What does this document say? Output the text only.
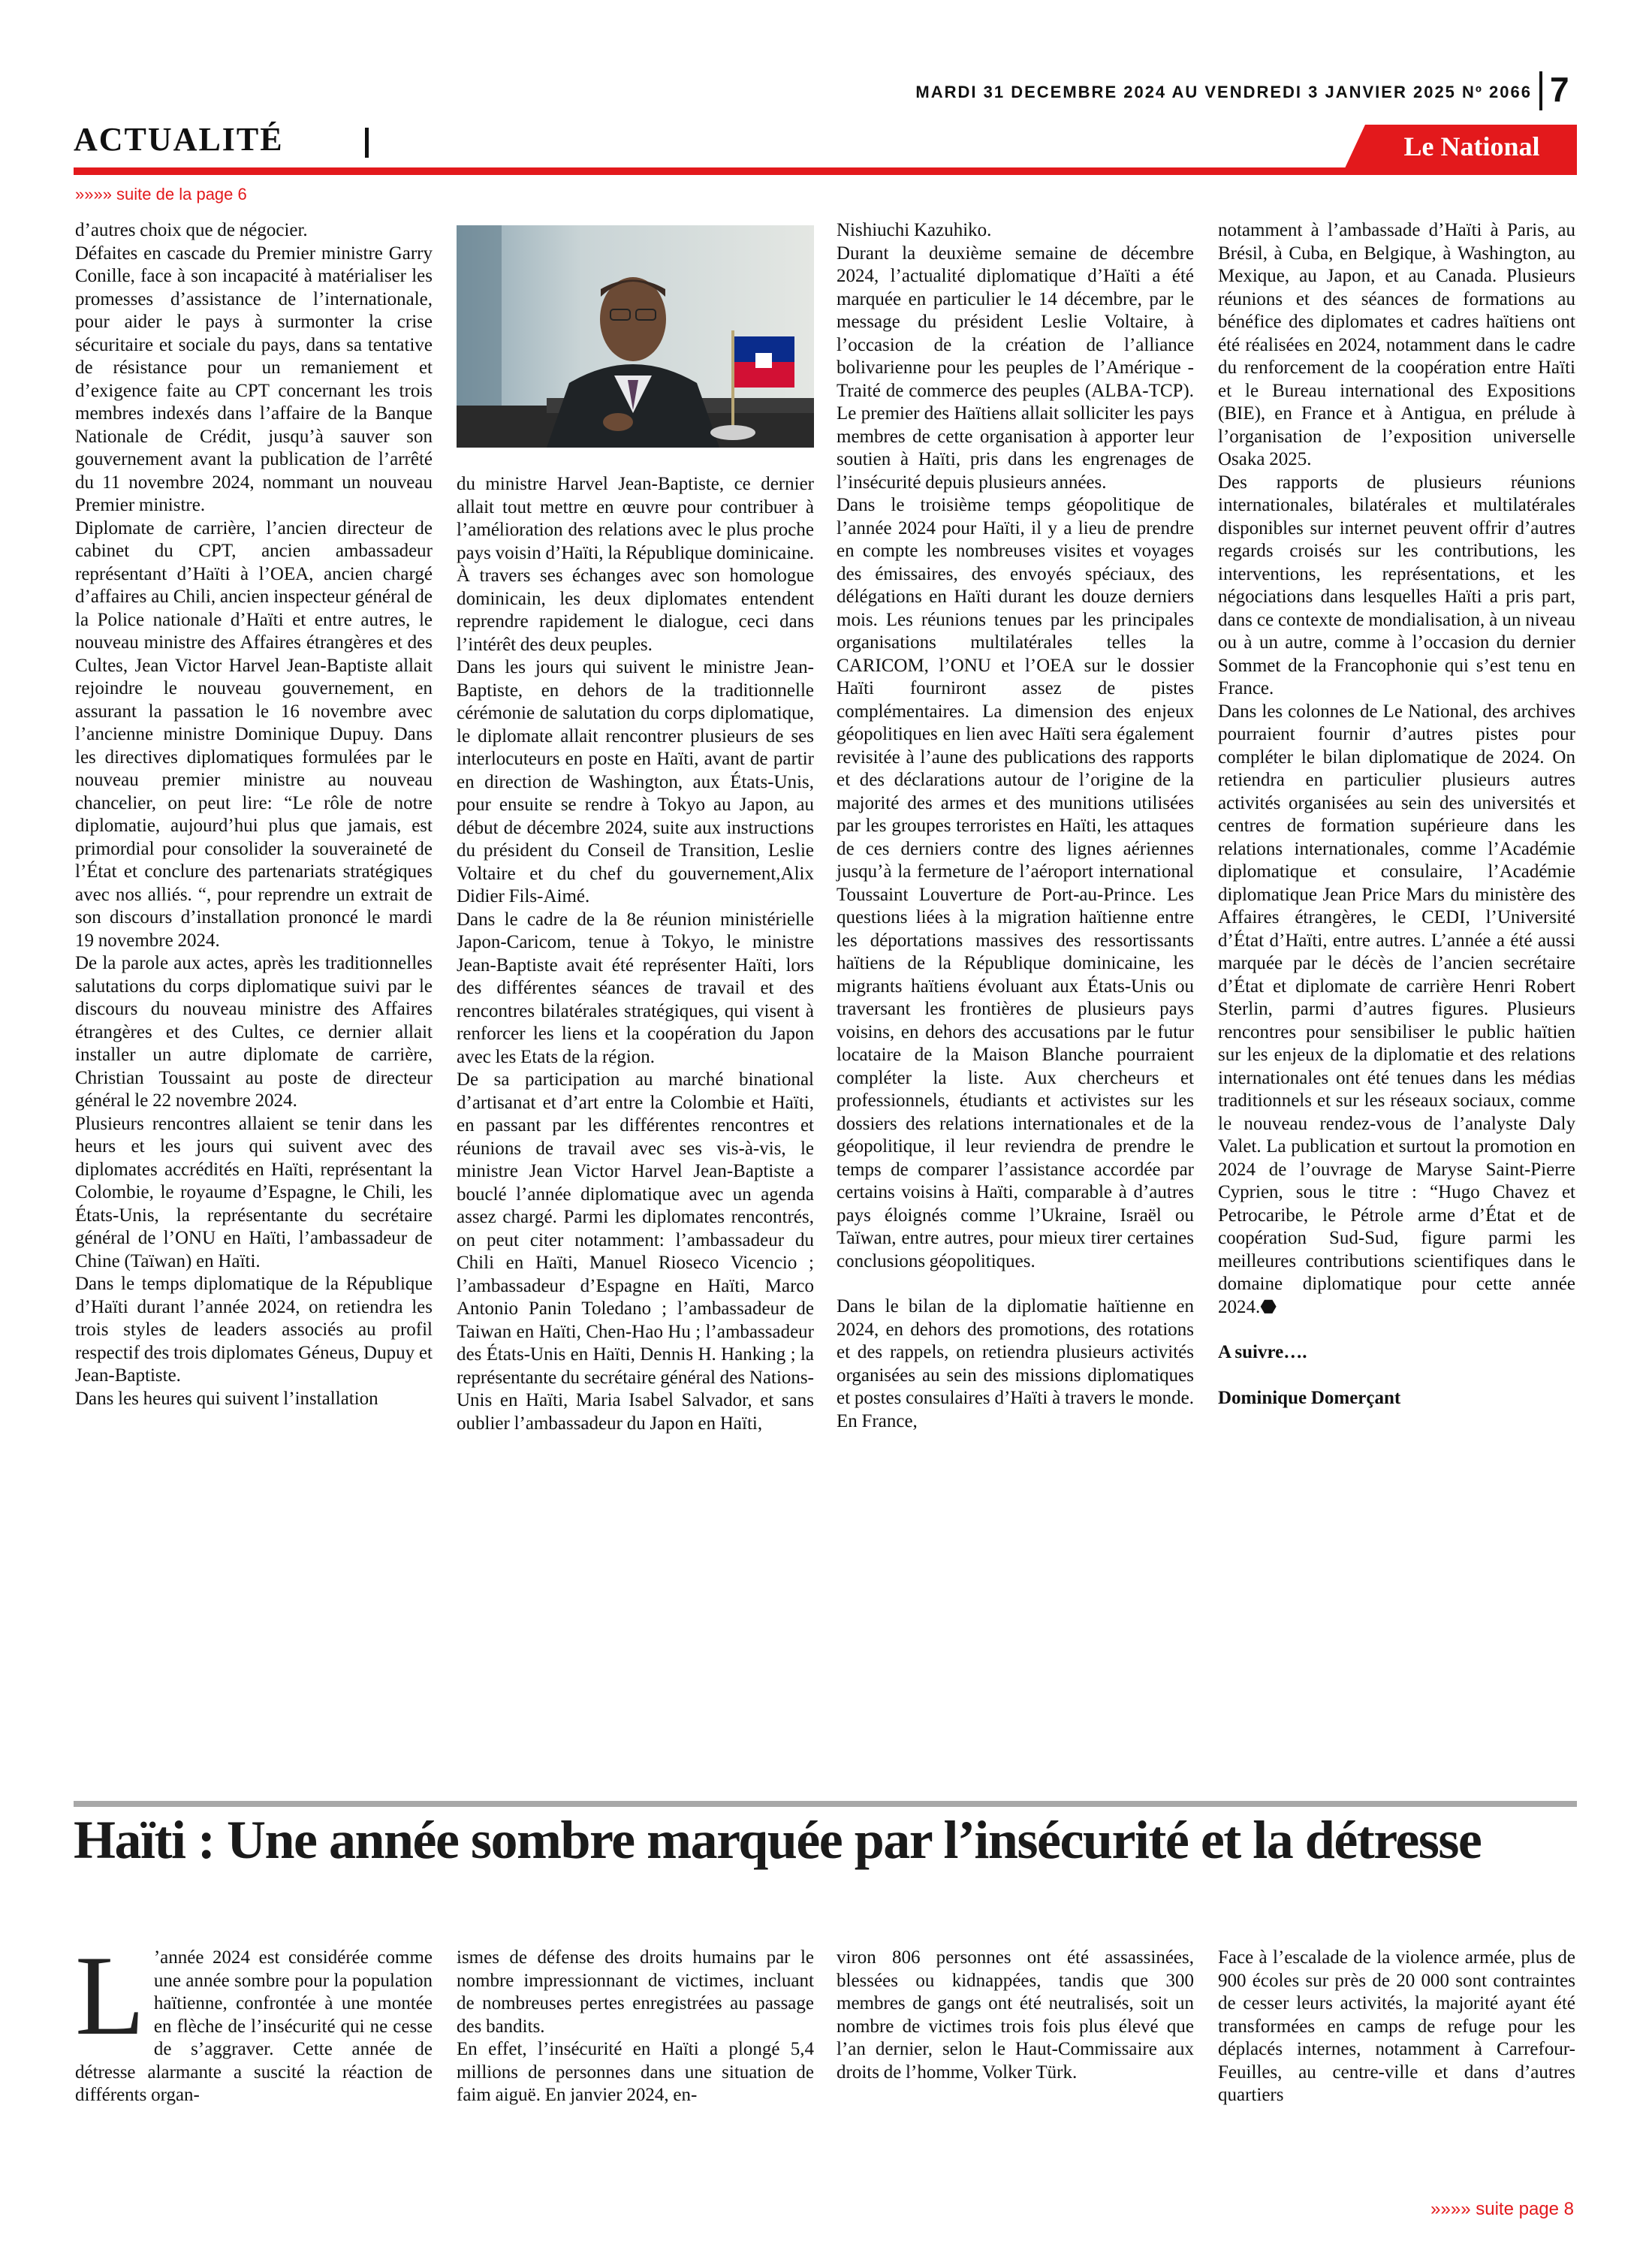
MARDI 31 DECEMBRE 2024 AU VENDREDI 3 JANVIER 2025 Nº 2066 7
ACTUALITÉ	Le National
»»»» suite de la page 6

d’autres choix que de négocier.

Défaites en cascade du Premier ministre Garry Conille, face à son incapacité à matérialiser les promesses d’assistance de l’internationale, pour aider le pays à surmonter la crise sécuritaire et sociale du pays, dans sa tentative de résistance pour un remaniement et d’exigence faite au CPT concernant les trois membres indexés dans l’affaire de la Banque Nationale de Crédit, jusqu’à sauver son gouvernement avant la publication de l’arrêté du 11 novembre 2024, nommant un nouveau Premier ministre.

Diplomate de carrière, l’ancien directeur de cabinet du CPT, ancien ambassadeur représentant d’Haïti à l’OEA, ancien chargé d’affaires au Chili, ancien inspecteur général de la Police nationale d’Haïti et entre autres, le nouveau ministre des Affaires étrangères et des Cultes, Jean Victor Harvel Jean-Baptiste allait rejoindre le nouveau gouvernement, en assurant la passation le 16 novembre avec l’ancienne ministre Dominique Dupuy. Dans les directives diplomatiques formulées par le nouveau premier ministre au nouveau chancelier, on peut lire: “Le rôle de notre diplomatie, aujourd’hui plus que jamais, est primordial pour consolider la souveraineté de l’État et conclure des partenariats stratégiques avec nos alliés. “, pour reprendre un extrait de son discours d’installation prononcé le mardi 19 novembre 2024.

De la parole aux actes, après les traditionnelles salutations du corps diplomatique suivi par le discours du nouveau ministre des Affaires étrangères et des Cultes, ce dernier allait installer un autre diplomate de carrière, Christian Toussaint au poste de directeur général le 22 novembre 2024.

Plusieurs rencontres allaient se tenir dans les heurs et les jours qui suivent avec des diplomates accrédités en Haïti, représentant la Colombie, le royaume d’Espagne, le Chili, les États-Unis, la représentante du secrétaire général de l’ONU en Haïti, l’ambassadeur de Chine (Taïwan) en Haïti.

Dans le temps diplomatique de la République d’Haïti durant l’année 2024, on retiendra les trois styles de leaders associés au profil respectif des trois diplomates Géneus, Dupuy et Jean-Baptiste.

Dans les heures qui suivent l’installation

du ministre Harvel Jean-Baptiste, ce dernier allait tout mettre en œuvre pour contribuer à l’amélioration des relations avec le plus proche pays voisin d’Haïti, la République dominicaine. À travers ses échanges avec son homologue dominicain, les deux diplomates entendent reprendre rapidement le dialogue, ceci dans l’intérêt des deux peuples.

Dans les jours qui suivent le ministre Jean-Baptiste, en dehors de la traditionnelle cérémonie de salutation du corps diplomatique, le diplomate allait rencontrer plusieurs de ses interlocuteurs en poste en Haïti, avant de partir en direction de Washington, aux États-Unis, pour ensuite se rendre à Tokyo au Japon, au début de décembre 2024, suite aux instructions du président du Conseil de Transition, Leslie Voltaire et du chef du gouvernement,Alix Didier Fils-Aimé.

Dans le cadre de la 8e réunion ministérielle Japon-Caricom, tenue à Tokyo, le ministre Jean-Baptiste avait été représenter Haïti, lors des différentes séances de travail et des rencontres bilatérales stratégiques, qui visent à renforcer les liens et la coopération du Japon avec les Etats de la région.

De sa participation au marché binational d’artisanat et d’art entre la Colombie et Haïti, en passant par les différentes rencontres et réunions de travail avec ses vis-à-vis, le ministre Jean Victor Harvel Jean-Baptiste a bouclé l’année diplomatique avec un agenda assez chargé. Parmi les diplomates rencontrés, on peut citer notamment: l’ambassadeur du Chili en Haïti, Manuel Rioseco Vicencio ; l’ambassadeur d’Espagne en Haïti, Marco Antonio Panin Toledano ; l’ambassadeur de Taiwan en Haïti, Chen-Hao Hu ; l’ambassadeur des États-Unis en Haïti, Dennis H. Hanking ; la représentante du secrétaire général des Nations-Unis en Haïti, Maria Isabel Salvador, et sans oublier l’ambassadeur du Japon en Haïti,

Nishiuchi Kazuhiko.

Durant la deuxième semaine de décembre 2024, l’actualité diplomatique d’Haïti a été marquée en particulier le 14 décembre, par le message du président Leslie Voltaire, à l’occasion de la création de l’alliance bolivarienne pour les peuples de l’Amérique -Traité de commerce des peuples (ALBA-TCP). Le premier des Haïtiens allait solliciter les pays membres de cette organisation à apporter leur soutien à Haïti, pris dans les engrenages de l’insécurité depuis plusieurs années.

Dans le troisième temps géopolitique de l’année 2024 pour Haïti, il y a lieu de prendre en compte les nombreuses visites et voyages des émissaires, des envoyés spéciaux, des délégations en Haïti durant les douze derniers mois. Les réunions tenues par les principales organisations multilatérales telles la CARICOM, l’ONU et l’OEA sur le dossier Haïti fourniront assez de pistes complémentaires. La dimension des enjeux géopolitiques en lien avec Haïti sera également revisitée à l’aune des publications des rapports et des déclarations autour de l’origine de la majorité des armes et des munitions utilisées par les groupes terroristes en Haïti, les attaques de ces derniers contre des lignes aériennes jusqu’à la fermeture de l’aéroport international Toussaint Louverture de Port-au-Prince. Les questions liées à la migration haïtienne entre les déportations massives des ressortissants haïtiens de la République dominicaine, les migrants haïtiens évoluant aux États-Unis ou traversant les frontières de plusieurs pays voisins, en dehors des accusations par le futur locataire de la Maison Blanche pourraient compléter la liste. Aux chercheurs et professionnels, étudiants et activistes sur les dossiers des relations internationales et de la géopolitique, il leur reviendra de prendre le temps de comparer l’assistance accordée par certains voisins à Haïti, comparable à d’autres pays éloignés comme l’Ukraine, Israël ou Taïwan, entre autres, pour mieux tirer certaines conclusions géopolitiques.

Dans le bilan de la diplomatie haïtienne en 2024, en dehors des promotions, des rotations et des rappels, on retiendra plusieurs activités organisées au sein des missions diplomatiques et postes consulaires d’Haïti à travers le monde. En France,

notamment à l’ambassade d’Haïti à Paris, au Brésil, à Cuba, en Belgique, à Washington, au Mexique, au Japon, et au Canada. Plusieurs réunions et des séances de formations au bénéfice des diplomates et cadres haïtiens ont été réalisées en 2024, notamment dans le cadre du renforcement de la coopération entre Haïti et le Bureau international des Expositions (BIE), en France et à Antigua, en prélude à l’organisation de l’exposition universelle Osaka 2025.

Des rapports de plusieurs réunions internationales, bilatérales et multilatérales disponibles sur internet peuvent offrir d’autres regards croisés sur les contributions, les interventions, les représentations, et les négociations dans lesquelles Haïti a pris part, dans ce contexte de mondialisation, à un niveau ou à un autre, comme à l’occasion du dernier Sommet de la Francophonie qui s’est tenu en France.

Dans les colonnes de Le National, des archives pourraient fournir d’autres pistes pour compléter le bilan diplomatique de 2024. On retiendra en particulier plusieurs autres activités organisées au sein des universités et centres de formation supérieure dans les relations internationales, comme l’Académie diplomatique et consulaire, l’Académie diplomatique Jean Price Mars du ministère des Affaires étrangères, le CEDI, l’Université d’État d’Haïti, entre autres. L’année a été aussi marquée par le décès de l’ancien secrétaire d’État et diplomate de carrière Henri Robert Sterlin, parmi d’autres figures. Plusieurs rencontres pour sensibiliser le public haïtien sur les enjeux de la diplomatie et des relations internationales ont été tenues dans les médias traditionnels et sur les réseaux sociaux, comme le nouveau rendez-vous de l’analyste Daly Valet. La publication et surtout la promotion en 2024 de l’ouvrage de Maryse Saint-Pierre Cyprien, sous le titre : “Hugo Chavez et Petrocaribe, le Pétrole arme d’État et de coopération Sud-Sud, figure parmi les meilleures contributions scientifiques dans le domaine diplomatique pour cette année 2024.⬣

A suivre….

Dominique Domerçant

Haïti : Une année sombre marquée par l’insécurité et la détresse

L ’année 2024 est considérée comme une année sombre pour la population haïtienne, confrontée à une montée en flèche de l’insécurité qui ne cesse de s’aggraver. Cette année de détresse alarmante a suscité la réaction de différents organ-

ismes de défense des droits humains par le nombre impressionnant de victimes, incluant de nombreuses pertes enregistrées au passage des bandits.

En effet, l’insécurité en Haïti a plongé 5,4 millions de personnes dans une situation de faim aiguë. En janvier 2024, en-

viron 806 personnes ont été assassinées, blessées ou kidnappées, tandis que 300 membres de gangs ont été neutralisés, soit un nombre de victimes trois fois plus élevé que l’an dernier, selon le Haut-Commissaire aux droits de l’homme, Volker Türk.

Face à l’escalade de la violence armée, plus de 900 écoles sur près de 20 000 sont contraintes de cesser leurs activités, la majorité ayant été transformées en camps de refuge pour les déplacés internes, notamment à Carrefour-Feuilles, au centre-ville et dans d’autres quartiers

»»»» suite page 8
